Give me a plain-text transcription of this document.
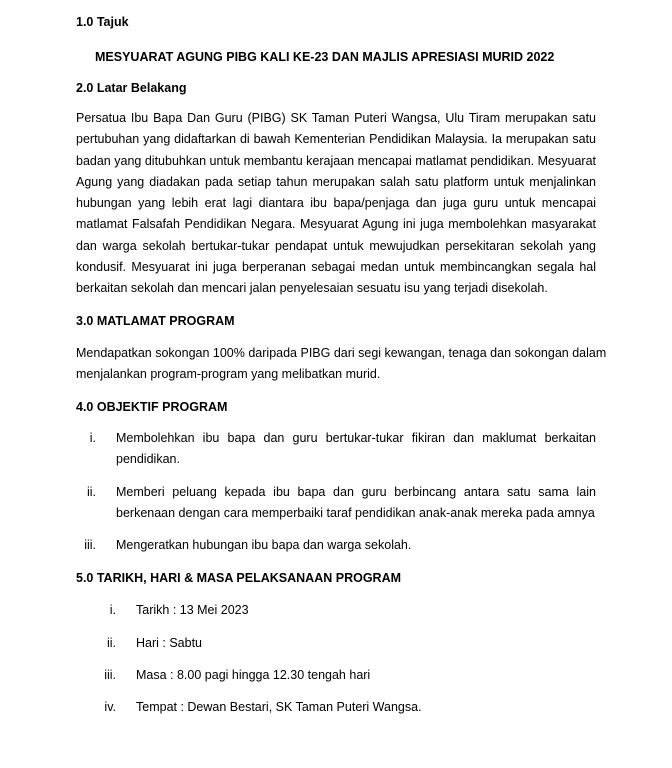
1.0 Tajuk
MESYUARAT AGUNG PIBG KALI KE-23 DAN MAJLIS APRESIASI MURID 2022
2.0 Latar Belakang
Persatua Ibu Bapa Dan Guru (PIBG) SK Taman Puteri Wangsa, Ulu Tiram merupakan satu
pertubuhan yang didaftarkan di bawah Kementerian Pendidikan Malaysia. Ia merupakan satu
badan yang ditubuhkan untuk membantu kerajaan mencapai matlamat pendidikan. Mesyuarat
Agung yang diadakan pada setiap tahun merupakan salah satu platform untuk menjalinkan
hubungan yang lebih erat lagi diantara ibu bapa/penjaga dan juga guru untuk mencapai
matlamat Falsafah Pendidikan Negara. Mesyuarat Agung ini juga membolehkan masyarakat
dan warga sekolah bertukar-tukar pendapat untuk mewujudkan persekitaran sekolah yang
kondusif. Mesyuarat ini juga berperanan sebagai medan untuk membincangkan segala hal
berkaitan sekolah dan mencari jalan penyelesaian sesuatu isu yang terjadi disekolah.
3.0 MATLAMAT PROGRAM
Mendapatkan sokongan 100% daripada PIBG dari segi kewangan, tenaga dan sokongan dalam
menjalankan program-program yang melibatkan murid.
4.0 OBJEKTIF PROGRAM
i. Membolehkan ibu bapa dan guru bertukar-tukar fikiran dan maklumat berkaitan
pendidikan.
ii. Memberi peluang kepada ibu bapa dan guru berbincang antara satu sama lain
berkenaan dengan cara memperbaiki taraf pendidikan anak-anak mereka pada amnya
iii. Mengeratkan hubungan ibu bapa dan warga sekolah.
5.0 TARIKH, HARI & MASA PELAKSANAAN PROGRAM
i. Tarikh : 13 Mei 2023
ii. Hari : Sabtu
iii. Masa : 8.00 pagi hingga 12.30 tengah hari
iv. Tempat : Dewan Bestari, SK Taman Puteri Wangsa.
